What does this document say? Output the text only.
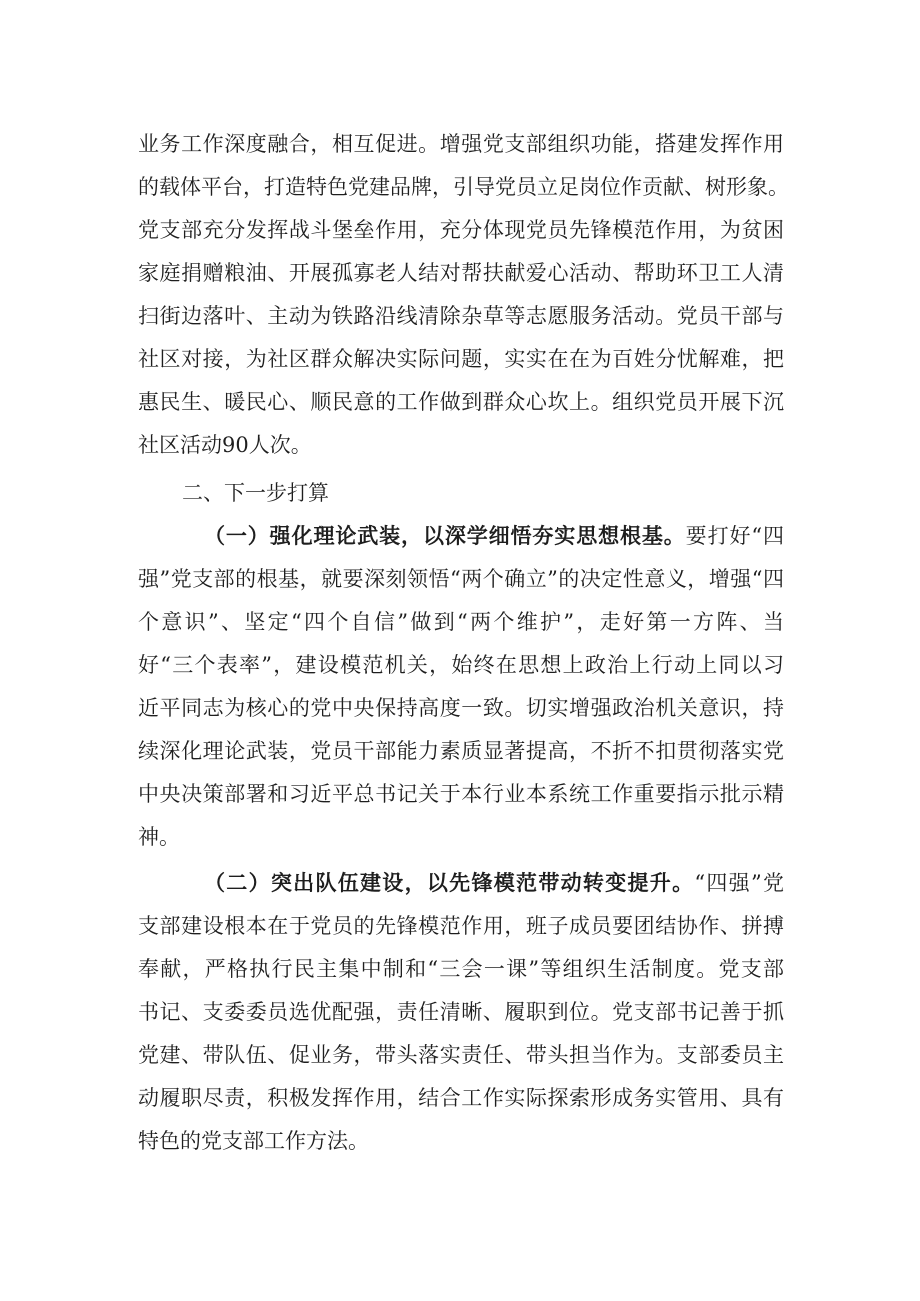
业务工作深度融合，相互促进。增强党支部组织功能，搭建发挥作用
的载体平台，打造特色党建品牌，引导党员立足岗位作贡献、树形象。
党支部充分发挥战斗堡垒作用，充分体现党员先锋模范作用，为贫困
家庭捐赠粮油、开展孤寡老人结对帮扶献爱心活动、帮助环卫工人清
扫街边落叶、主动为铁路沿线清除杂草等志愿服务活动。党员干部与
社区对接，为社区群众解决实际问题，实实在在为百姓分忧解难，把
惠民生、暖民心、顺民意的工作做到群众心坎上。组织党员开展下沉
社区活动90人次。
二、下一步打算
（一）强化理论武装，以深学细悟夯实思想根基。要打好“四
强”党支部的根基，就要深刻领悟“两个确立”的决定性意义，增强“四
个意识”、坚定“四个自信”做到“两个维护”，走好第一方阵、当
好“三个表率”，建设模范机关，始终在思想上政治上行动上同以习
近平同志为核心的党中央保持高度一致。切实增强政治机关意识，持
续深化理论武装，党员干部能力素质显著提高，不折不扣贯彻落实党
中央决策部署和习近平总书记关于本行业本系统工作重要指示批示精
神。
（二）突出队伍建设，以先锋模范带动转变提升。“四强”党
支部建设根本在于党员的先锋模范作用，班子成员要团结协作、拼搏
奉献，严格执行民主集中制和“三会一课”等组织生活制度。党支部
书记、支委委员选优配强，责任清晰、履职到位。党支部书记善于抓
党建、带队伍、促业务，带头落实责任、带头担当作为。支部委员主
动履职尽责，积极发挥作用，结合工作实际探索形成务实管用、具有
特色的党支部工作方法。
